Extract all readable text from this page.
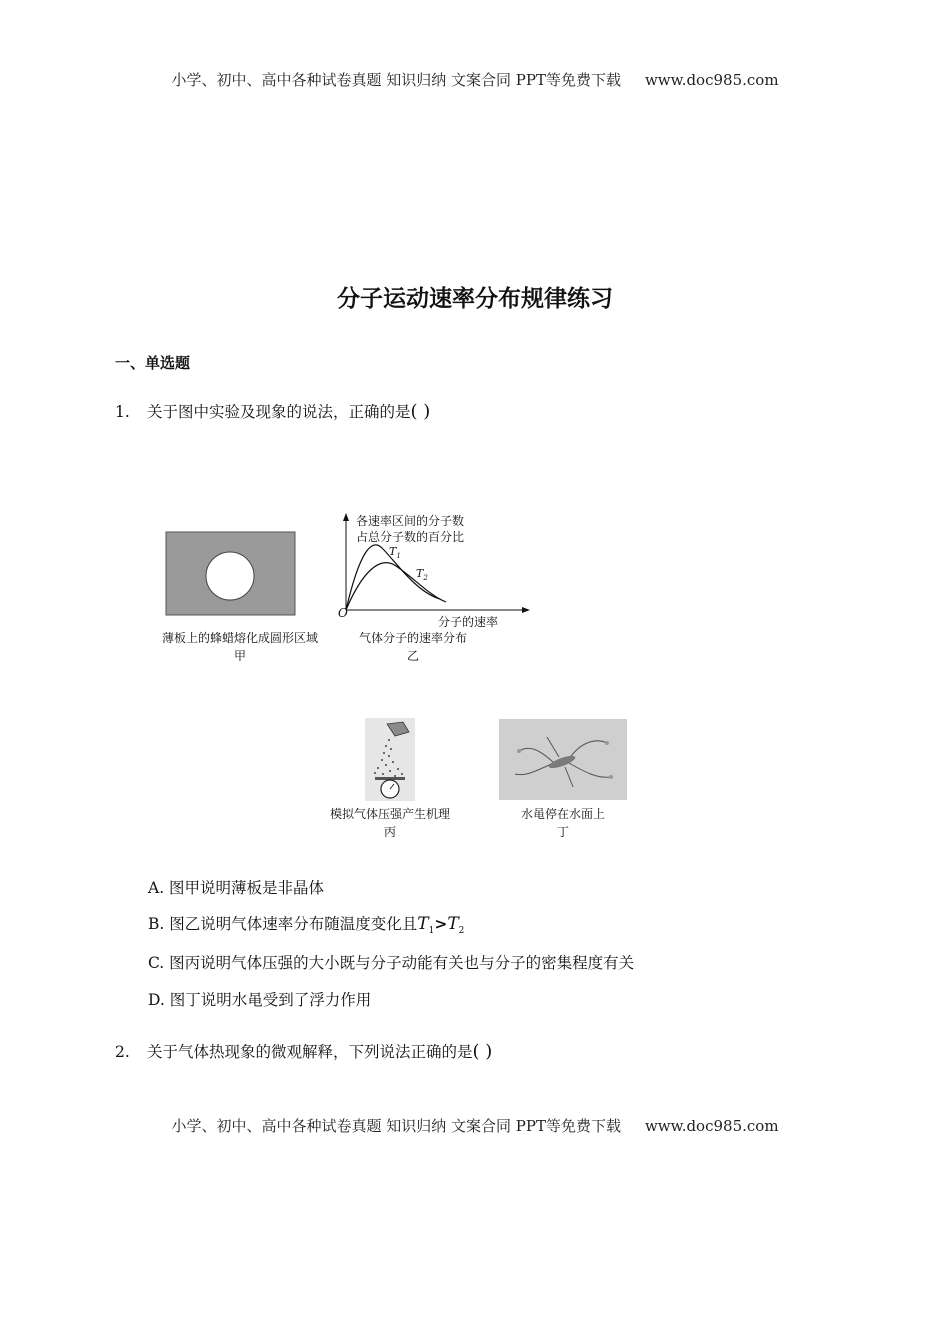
小学、初中、高中各种试卷真题 知识归纳 文案合同 PPT等免费下载 www.doc985.com
分子运动速率分布规律练习
一、单选题
1. 关于图中实验及现象的说法，正确的是( )
薄板上的蜂蜡熔化成圆形区域
甲
各速率区间的分子数
占总分子数的百分比
$T_1$
$T_2$
O
分子的速率
气体分子的速率分布
乙
模拟气体压强产生机理
丙
水黾停在水面上
丁
A. 图甲说明薄板是非晶体
B. 图乙说明气体速率分布随温度变化且$T_1>T_2$
C. 图丙说明气体压强的大小既与分子动能有关也与分子的密集程度有关
D. 图丁说明水黾受到了浮力作用
2. 关于气体热现象的微观解释，下列说法正确的是( )
小学、初中、高中各种试卷真题 知识归纳 文案合同 PPT等免费下载 www.doc985.com
